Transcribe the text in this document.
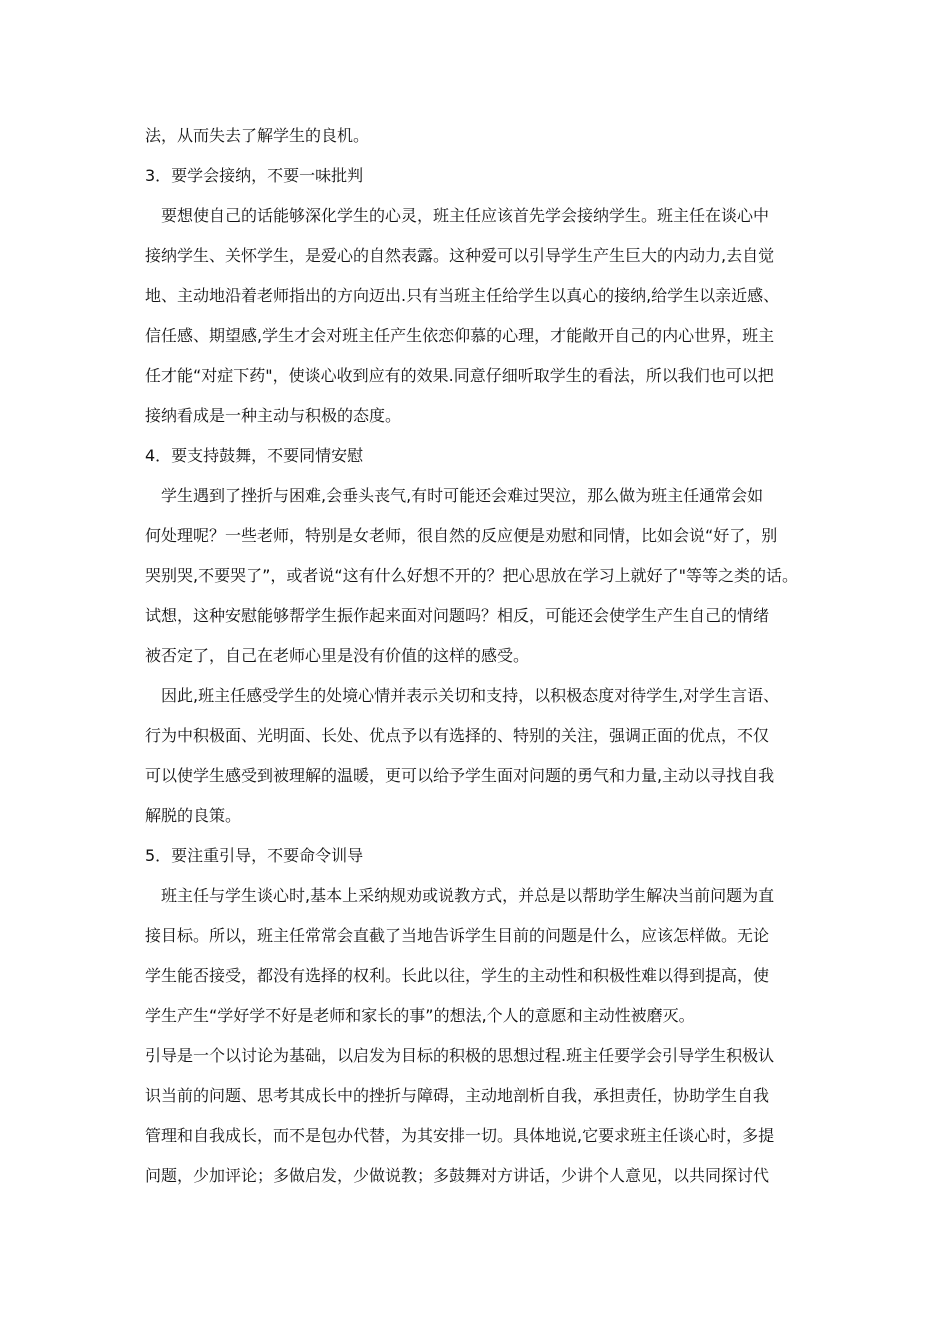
法，从而失去了解学生的良机。
3．要学会接纳，不要一味批判
　要想使自己的话能够深化学生的心灵，班主任应该首先学会接纳学生。班主任在谈心中
接纳学生、关怀学生，是爱心的自然表露。这种爱可以引导学生产生巨大的内动力,去自觉
地、主动地沿着老师指出的方向迈出.只有当班主任给学生以真心的接纳,给学生以亲近感、
信任感、期望感,学生才会对班主任产生依恋仰慕的心理，才能敞开自己的内心世界，班主
任才能“对症下药"，使谈心收到应有的效果.同意仔细听取学生的看法，所以我们也可以把
接纳看成是一种主动与积极的态度。
4．要支持鼓舞，不要同情安慰
　学生遇到了挫折与困难,会垂头丧气,有时可能还会难过哭泣，那么做为班主任通常会如
何处理呢？一些老师，特别是女老师，很自然的反应便是劝慰和同情，比如会说“好了，别
哭别哭,不要哭了”，或者说“这有什么好想不开的？把心思放在学习上就好了"等等之类的话。
试想，这种安慰能够帮学生振作起来面对问题吗？相反，可能还会使学生产生自己的情绪
被否定了，自己在老师心里是没有价值的这样的感受。
　因此,班主任感受学生的处境心情并表示关切和支持，以积极态度对待学生,对学生言语、
行为中积极面、光明面、长处、优点予以有选择的、特别的关注，强调正面的优点，不仅
可以使学生感受到被理解的温暖，更可以给予学生面对问题的勇气和力量,主动以寻找自我
解脱的良策。
5．要注重引导，不要命令训导
　班主任与学生谈心时,基本上采纳规劝或说教方式，并总是以帮助学生解决当前问题为直
接目标。所以，班主任常常会直截了当地告诉学生目前的问题是什么，应该怎样做。无论
学生能否接受，都没有选择的权利。长此以往，学生的主动性和积极性难以得到提高，使
学生产生“学好学不好是老师和家长的事”的想法,个人的意愿和主动性被磨灭。
引导是一个以讨论为基础，以启发为目标的积极的思想过程.班主任要学会引导学生积极认
识当前的问题、思考其成长中的挫折与障碍，主动地剖析自我，承担责任，协助学生自我
管理和自我成长，而不是包办代替，为其安排一切。具体地说,它要求班主任谈心时，多提
问题，少加评论；多做启发，少做说教；多鼓舞对方讲话，少讲个人意见，以共同探讨代
